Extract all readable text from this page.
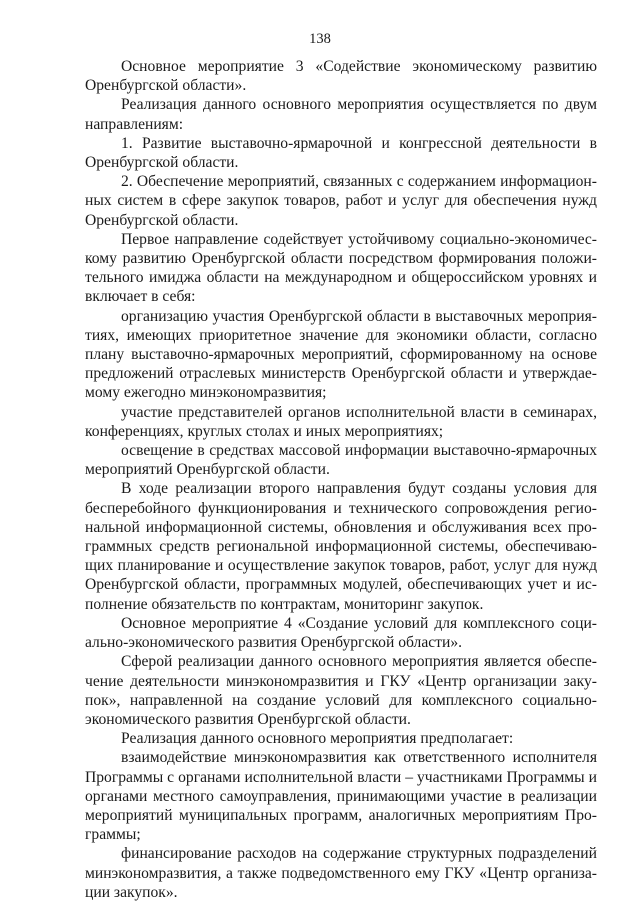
138

Основное мероприятие 3 «Содействие экономическому развитию Оренбургской области».

Реализация данного основного мероприятия осуществляется по двум направлениям:

1. Развитие выставочно-ярмарочной и конгрессной деятельности в Оренбургской области.

2. Обеспечение мероприятий, связанных с содержанием информационных систем в сфере закупок товаров, работ и услуг для обеспечения нужд Оренбургской области.

Первое направление содействует устойчивому социально-экономическому развитию Оренбургской области посредством формирования положительного имиджа области на международном и общероссийском уровнях и включает в себя:

организацию участия Оренбургской области в выставочных мероприятиях, имеющих приоритетное значение для экономики области, согласно плану выставочно-ярмарочных мероприятий, сформированному на основе предложений отраслевых министерств Оренбургской области и утверждаемому ежегодно минэкономразвития;

участие представителей органов исполнительной власти в семинарах, конференциях, круглых столах и иных мероприятиях;

освещение в средствах массовой информации выставочно-ярмарочных мероприятий Оренбургской области.

В ходе реализации второго направления будут созданы условия для бесперебойного функционирования и технического сопровождения региональной информационной системы, обновления и обслуживания всех программных средств региональной информационной системы, обеспечивающих планирование и осуществление закупок товаров, работ, услуг для нужд Оренбургской области, программных модулей, обеспечивающих учет и исполнение обязательств по контрактам, мониторинг закупок.

Основное мероприятие 4 «Создание условий для комплексного социально-экономического развития Оренбургской области».

Сферой реализации данного основного мероприятия является обеспечение деятельности минэкономразвития и ГКУ «Центр организации закупок», направленной на создание условий для комплексного социально-экономического развития Оренбургской области.

Реализация данного основного мероприятия предполагает:

взаимодействие минэкономразвития как ответственного исполнителя Программы с органами исполнительной власти – участниками Программы и органами местного самоуправления, принимающими участие в реализации мероприятий муниципальных программ, аналогичных мероприятиям Программы;

финансирование расходов на содержание структурных подразделений минэкономразвития, а также подведомственного ему ГКУ «Центр организации закупок».
